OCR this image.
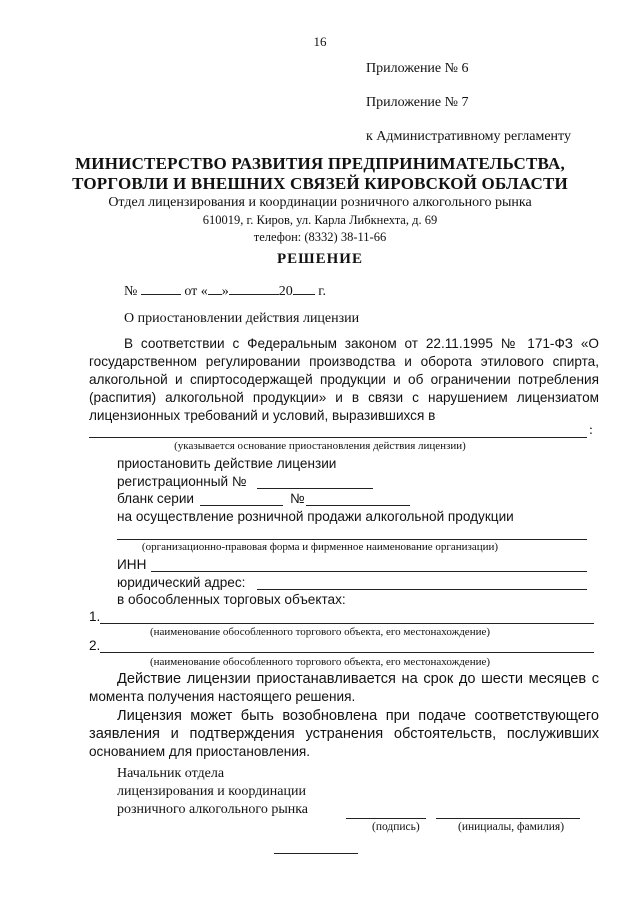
16
Приложение № 6
Приложение № 7
к Административному регламенту
МИНИСТЕРСТВО РАЗВИТИЯ ПРЕДПРИНИМАТЕЛЬСТВА,
ТОРГОВЛИ И ВНЕШНИХ СВЯЗЕЙ КИРОВСКОЙ ОБЛАСТИ
Отдел лицензирования и координации розничного алкогольного рынка
610019, г. Киров, ул. Карла Либкнехта, д. 69
телефон: (8332) 38-11-66
РЕШЕНИЕ
№	от « »	20 г.
О приостановлении действия лицензии
В соответствии с Федеральным законом от 22.11.1995 № 171-ФЗ «О
государственном регулировании производства и оборота этилового спирта,
алкогольной и спиртосодержащей продукции и об ограничении потребления
(распития) алкогольной продукции» и в связи с нарушением лицензиатом
лицензионных требований и условий, выразившихся в
:
(указывается основание приостановления действия лицензии)
приостановить действие лицензии
регистрационный №
бланк серии	№
на осуществление розничной продажи алкогольной продукции
(организационно-правовая форма и фирменное наименование организации)
ИНН
юридический адрес:
в обособленных торговых объектах:
1.
(наименование обособленного торгового объекта, его местонахождение)
2.
(наименование обособленного торгового объекта, его местонахождение)
Действие лицензии приостанавливается на срок до шести месяцев с
момента получения настоящего решения.
Лицензия может быть возобновлена при подаче соответствующего
заявления и подтверждения устранения обстоятельств, послуживших
основанием для приостановления.
Начальник отдела
лицензирования и координации
розничного алкогольного рынка
(подпись)	(инициалы, фамилия)
